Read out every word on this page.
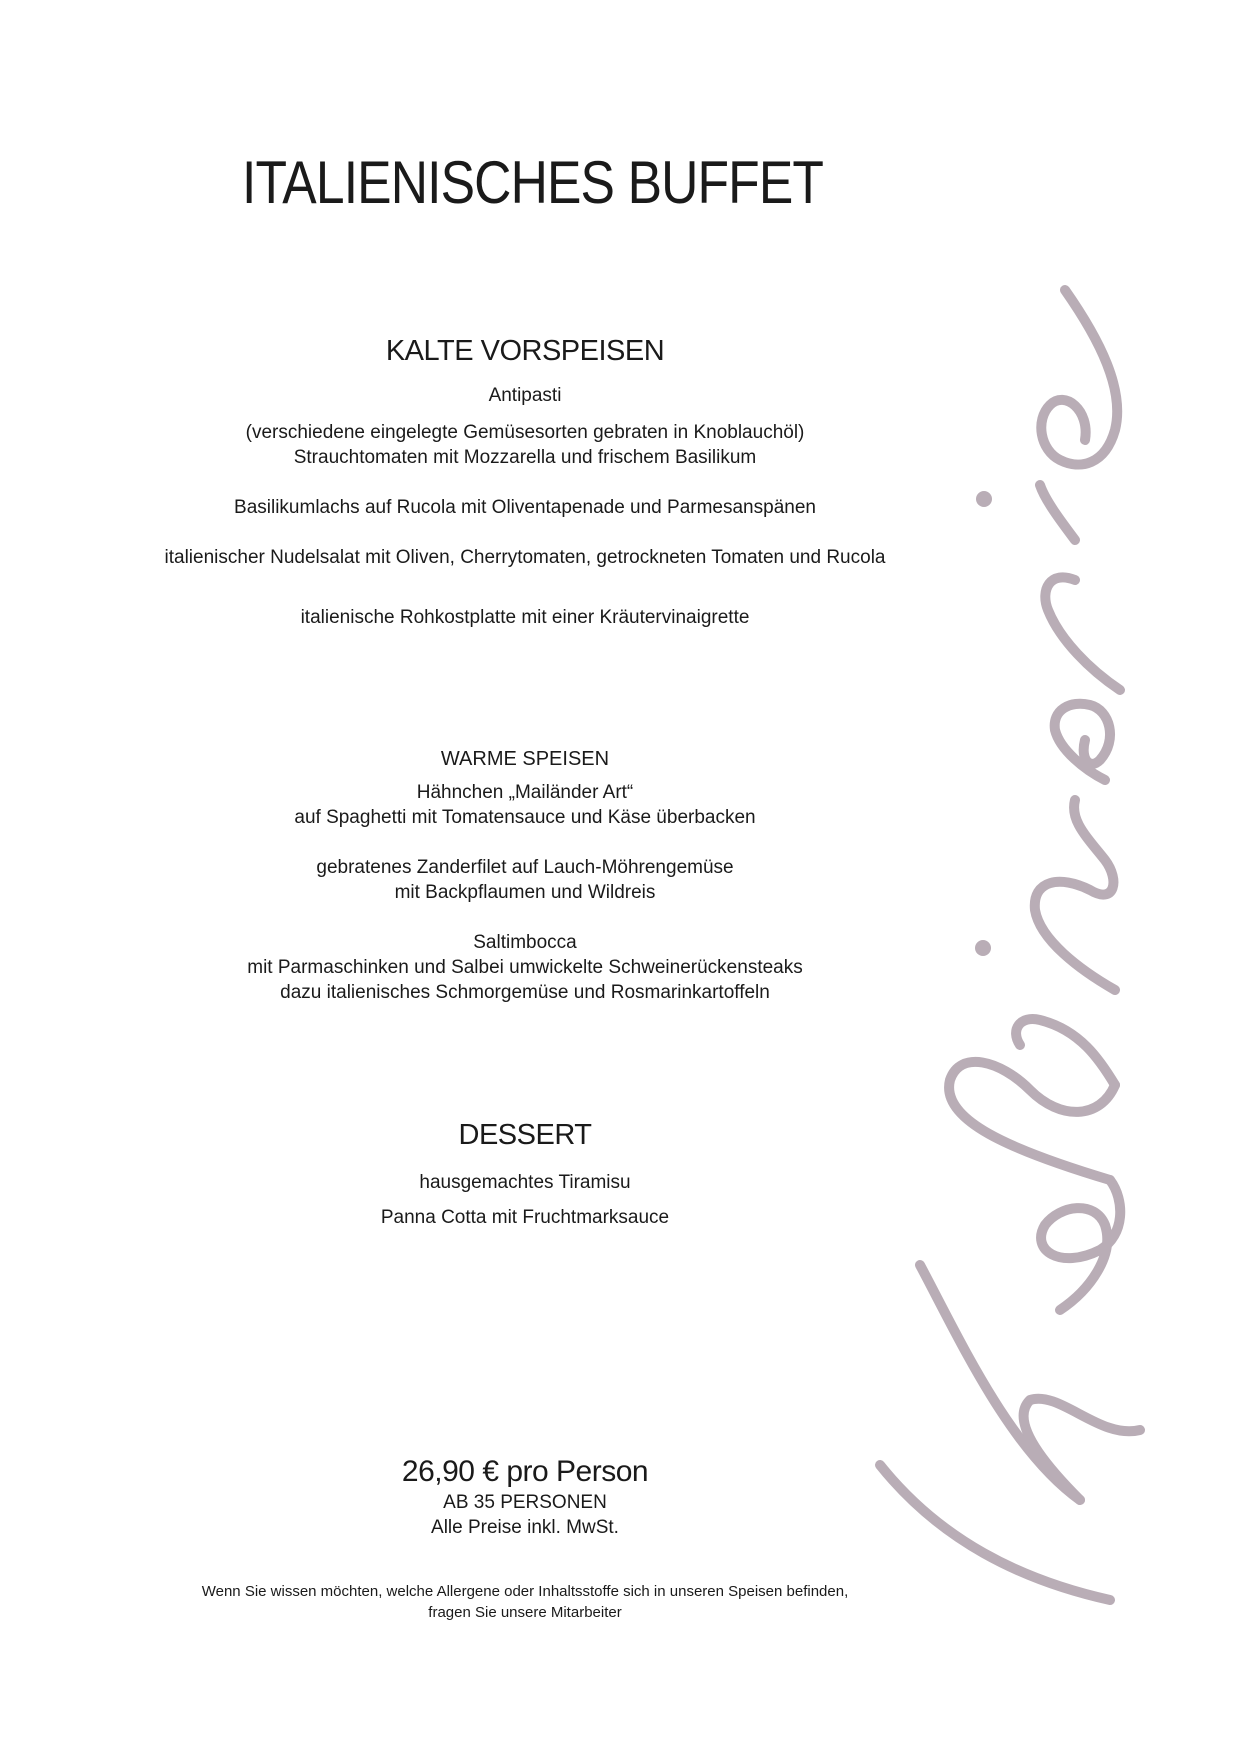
ITALIENISCHES BUFFET
KALTE VORSPEISEN
Antipasti
(verschiedene eingelegte Gemüsesorten gebraten in Knoblauchöl)
Strauchtomaten mit Mozzarella und frischem Basilikum
Basilikumlachs auf Rucola mit Oliventapenade und Parmesanspänen
italienischer Nudelsalat mit Oliven, Cherrytomaten, getrockneten Tomaten und Rucola
italienische Rohkostplatte mit einer Kräutervinaigrette
WARME SPEISEN
Hähnchen „Mailänder Art“
auf Spaghetti mit Tomatensauce und Käse überbacken
gebratenes Zanderfilet auf Lauch-Möhrengemüse
mit Backpflaumen und Wildreis
Saltimbocca
mit Parmaschinken und Salbei umwickelte Schweinerückensteaks
dazu italienisches Schmorgemüse und Rosmarinkartoffeln
DESSERT
hausgemachtes Tiramisu
Panna Cotta mit Fruchtmarksauce
26,90 € pro Person
AB 35 PERSONEN
Alle Preise inkl. MwSt.
Wenn Sie wissen möchten, welche Allergene oder Inhaltsstoffe sich in unseren Speisen befinden,
fragen Sie unsere Mitarbeiter
